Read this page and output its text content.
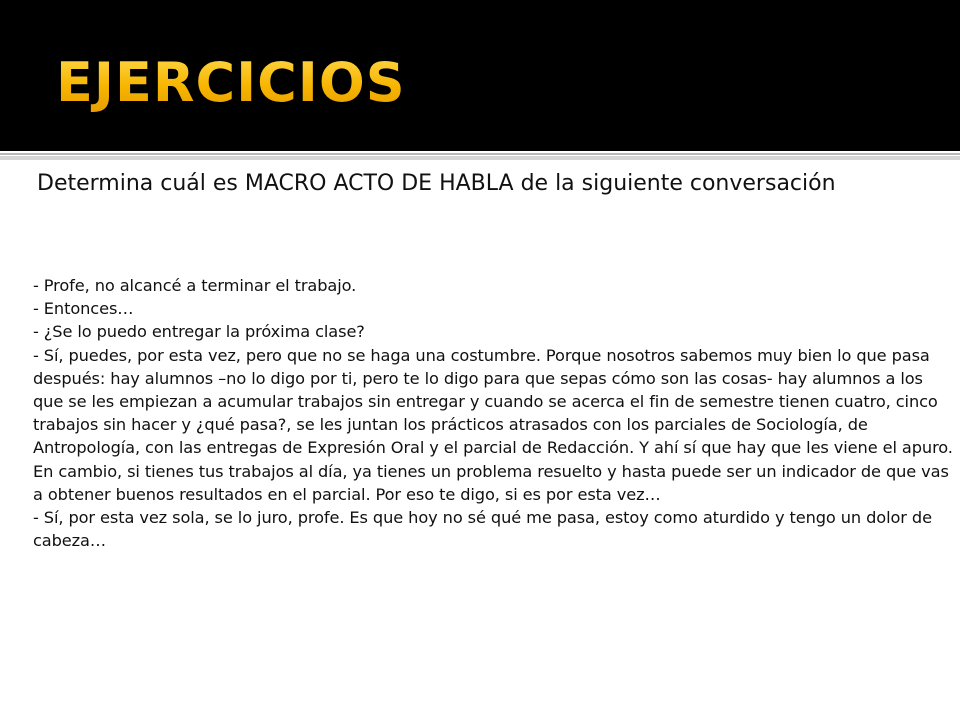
EJERCICIOS

Determina cuál es MACRO ACTO DE HABLA de la siguiente conversación

- Profe, no alcancé a terminar el trabajo.
- Entonces…
- ¿Se lo puedo entregar la próxima clase?
- Sí, puedes, por esta vez, pero que no se haga una costumbre. Porque nosotros sabemos muy bien lo que pasa después: hay alumnos –no lo digo por ti, pero te lo digo para que sepas cómo son las cosas- hay alumnos a los que se les empiezan a acumular trabajos sin entregar y cuando se acerca el fin de semestre tienen cuatro, cinco trabajos sin hacer y ¿qué pasa?, se les juntan los prácticos atrasados con los parciales de Sociología, de Antropología, con las entregas de Expresión Oral y el parcial de Redacción. Y ahí sí que hay que les viene el apuro. En cambio, si tienes tus trabajos al día, ya tienes un problema resuelto y hasta puede ser un indicador de que vas a obtener buenos resultados en el parcial. Por eso te digo, si es por esta vez…
- Sí, por esta vez sola, se lo juro, profe. Es que hoy no sé qué me pasa, estoy como aturdido y tengo un dolor de cabeza…
